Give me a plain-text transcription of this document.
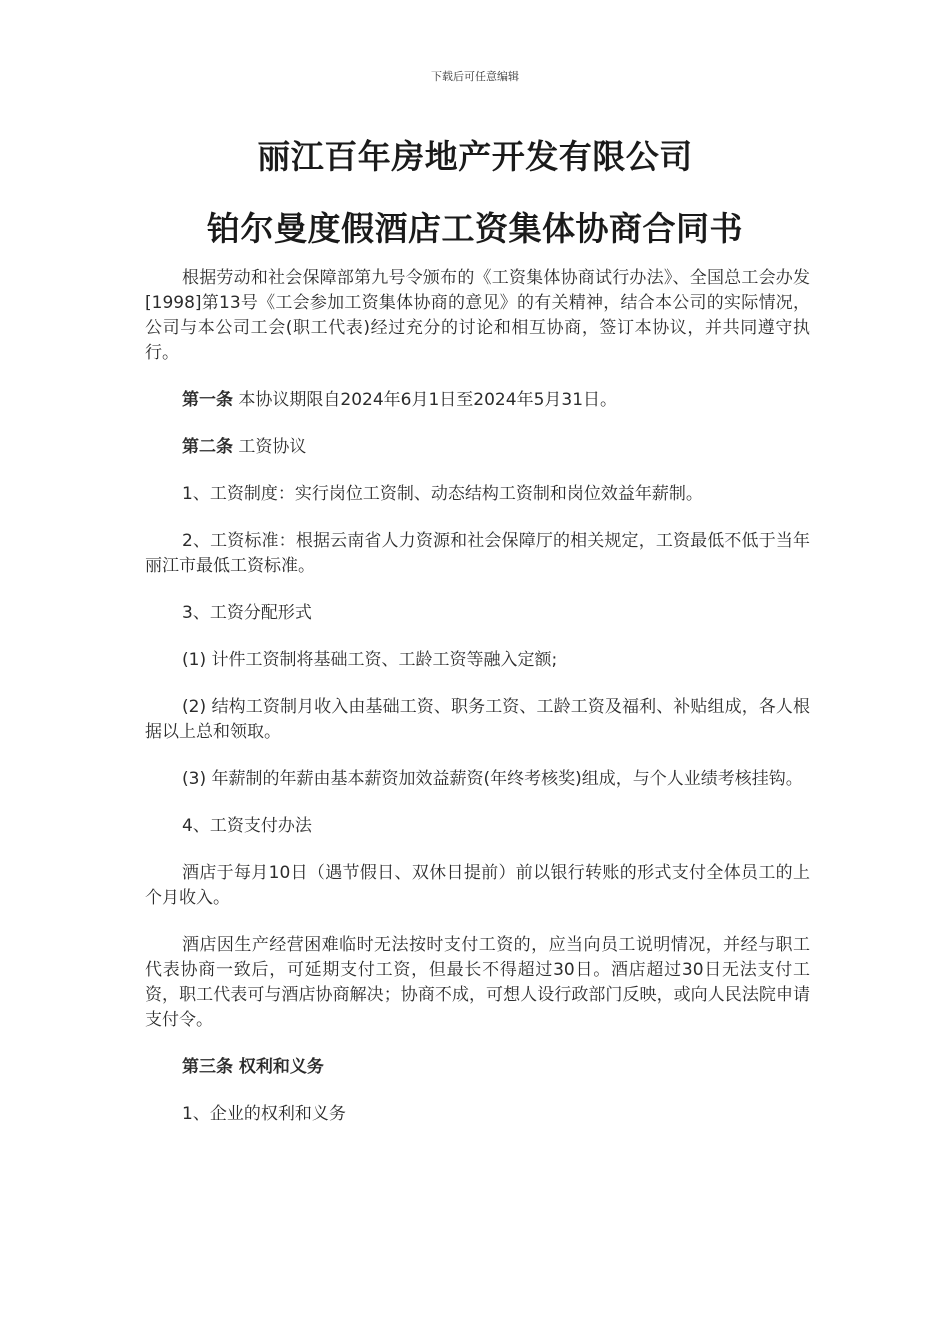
下载后可任意编辑
丽江百年房地产开发有限公司
铂尔曼度假酒店工资集体协商合同书

根据劳动和社会保障部第九号令颁布的《工资集体协商试行办法》、全国总工会办发[1998]第13号《工会参加工资集体协商的意见》的有关精神，结合本公司的实际情况，公司与本公司工会(职工代表)经过充分的讨论和相互协商，签订本协议，并共同遵守执行。

第一条 本协议期限自2024年6月1日至2024年5月31日。

第二条 工资协议

1、工资制度：实行岗位工资制、动态结构工资制和岗位效益年薪制。

2、工资标准：根据云南省人力资源和社会保障厅的相关规定，工资最低不低于当年丽江市最低工资标准。

3、工资分配形式

(1) 计件工资制将基础工资、工龄工资等融入定额;

(2) 结构工资制月收入由基础工资、职务工资、工龄工资及福利、补贴组成，各人根据以上总和领取。

(3) 年薪制的年薪由基本薪资加效益薪资(年终考核奖)组成，与个人业绩考核挂钩。

4、工资支付办法

酒店于每月10日（遇节假日、双休日提前）前以银行转账的形式支付全体员工的上个月收入。

酒店因生产经营困难临时无法按时支付工资的，应当向员工说明情况，并经与职工代表协商一致后，可延期支付工资，但最长不得超过30日。酒店超过30日无法支付工资，职工代表可与酒店协商解决；协商不成，可想人设行政部门反映，或向人民法院申请支付令。

第三条 权利和义务

1、企业的权利和义务
